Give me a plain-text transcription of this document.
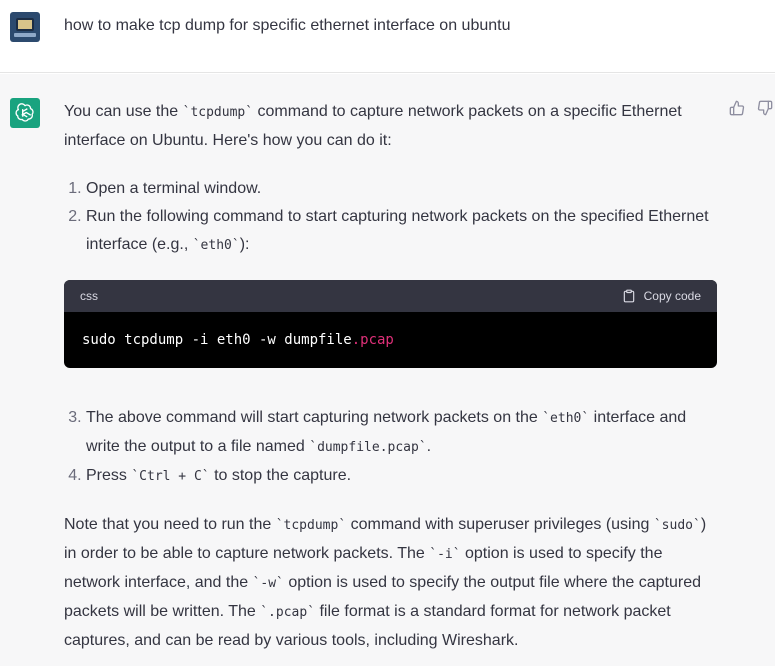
how to make tcp dump for specific ethernet interface on ubuntu

You can use the `tcpdump` command to capture network packets on a specific Ethernet interface on Ubuntu. Here's how you can do it:

1. Open a terminal window.
2. Run the following command to start capturing network packets on the specified Ethernet interface (e.g., `eth0`):
css	Copy code
sudo tcpdump -i eth0 -w dumpfile.pcap
3. The above command will start capturing network packets on the `eth0` interface and write the output to a file named `dumpfile.pcap`.
4. Press `Ctrl + C` to stop the capture.

Note that you need to run the `tcpdump` command with superuser privileges (using `sudo`) in order to be able to capture network packets. The `-i` option is used to specify the network interface, and the `-w` option is used to specify the output file where the captured packets will be written. The `.pcap` file format is a standard format for network packet captures, and can be read by various tools, including Wireshark.
